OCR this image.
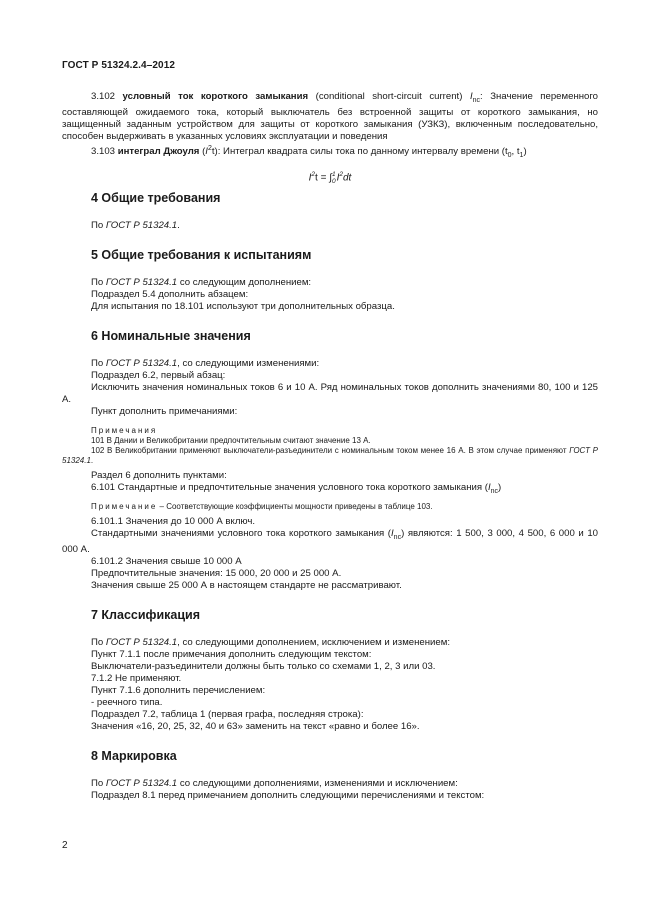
ГОСТ Р 51324.2.4–2012

3.102 условный ток короткого замыкания (conditional short-circuit current) $I_{nc}$: Значение переменного составляющей ожидаемого тока, который выключатель без встроенной защиты от короткого замыкания, но защищенный заданным устройством для защиты от короткого замыкания (УЗКЗ), включенным последовательно, способен выдерживать в указанных условиях эксплуатации и поведения

3.103 интеграл Джоуля $(I^2t)$: Интеграл квадрата силы тока по данному интервалу времени ($t_0$, $t_1$)

$I^2t$ = ∫ 1
0 $I^2dt$
4 Общие требования

По ГОСТ Р 51324.1.

5 Общие требования к испытаниям

По ГОСТ Р 51324.1 со следующим дополнением:

Подраздел 5.4 дополнить абзацем:

Для испытания по 18.101 используют три дополнительных образца.

6 Номинальные значения

По ГОСТ Р 51324.1, со следующими изменениями:

Подраздел 6.2, первый абзац:

Исключить значения номинальных токов 6 и 10 А. Ряд номинальных токов дополнить значениями 80, 100 и 125 А.

Пункт дополнить примечаниями:

Примечания

101 В Дании и Великобритании предпочтительным считают значение 13 А.

102 В Великобритании применяют выключатели-разъединители с номинальным током менее 16 А. В этом случае применяют ГОСТ Р 51324.1.

Раздел 6 дополнить пунктами:

6.101 Стандартные и предпочтительные значения условного тока короткого замыкания $(I_{nc})$

Примечание – Соответствующие коэффициенты мощности приведены в таблице 103.

6.101.1 Значения до 10 000 А включ.

Стандартными значениями условного тока короткого замыкания $(I_{nc})$ являются: 1 500, 3 000, 4 500, 6 000 и 10 000 А.

6.101.2 Значения свыше 10 000 А

Предпочтительные значения: 15 000, 20 000 и 25 000 А.

Значения свыше 25 000 А в настоящем стандарте не рассматривают.

7 Классификация

По ГОСТ Р 51324.1, со следующими дополнением, исключением и изменением:

Пункт 7.1.1 после примечания дополнить следующим текстом:

Выключатели-разъединители должны быть только со схемами 1, 2, 3 или 03.

7.1.2 Не применяют.

Пункт 7.1.6 дополнить перечислением:

- реечного типа.

Подраздел 7.2, таблица 1 (первая графа, последняя строка):

Значения «16, 20, 25, 32, 40 и 63» заменить на текст «равно и более 16».

8 Маркировка

По ГОСТ Р 51324.1 со следующими дополнениями, изменениями и исключением:

Подраздел 8.1 перед примечанием дополнить следующими перечислениями и текстом:

2
